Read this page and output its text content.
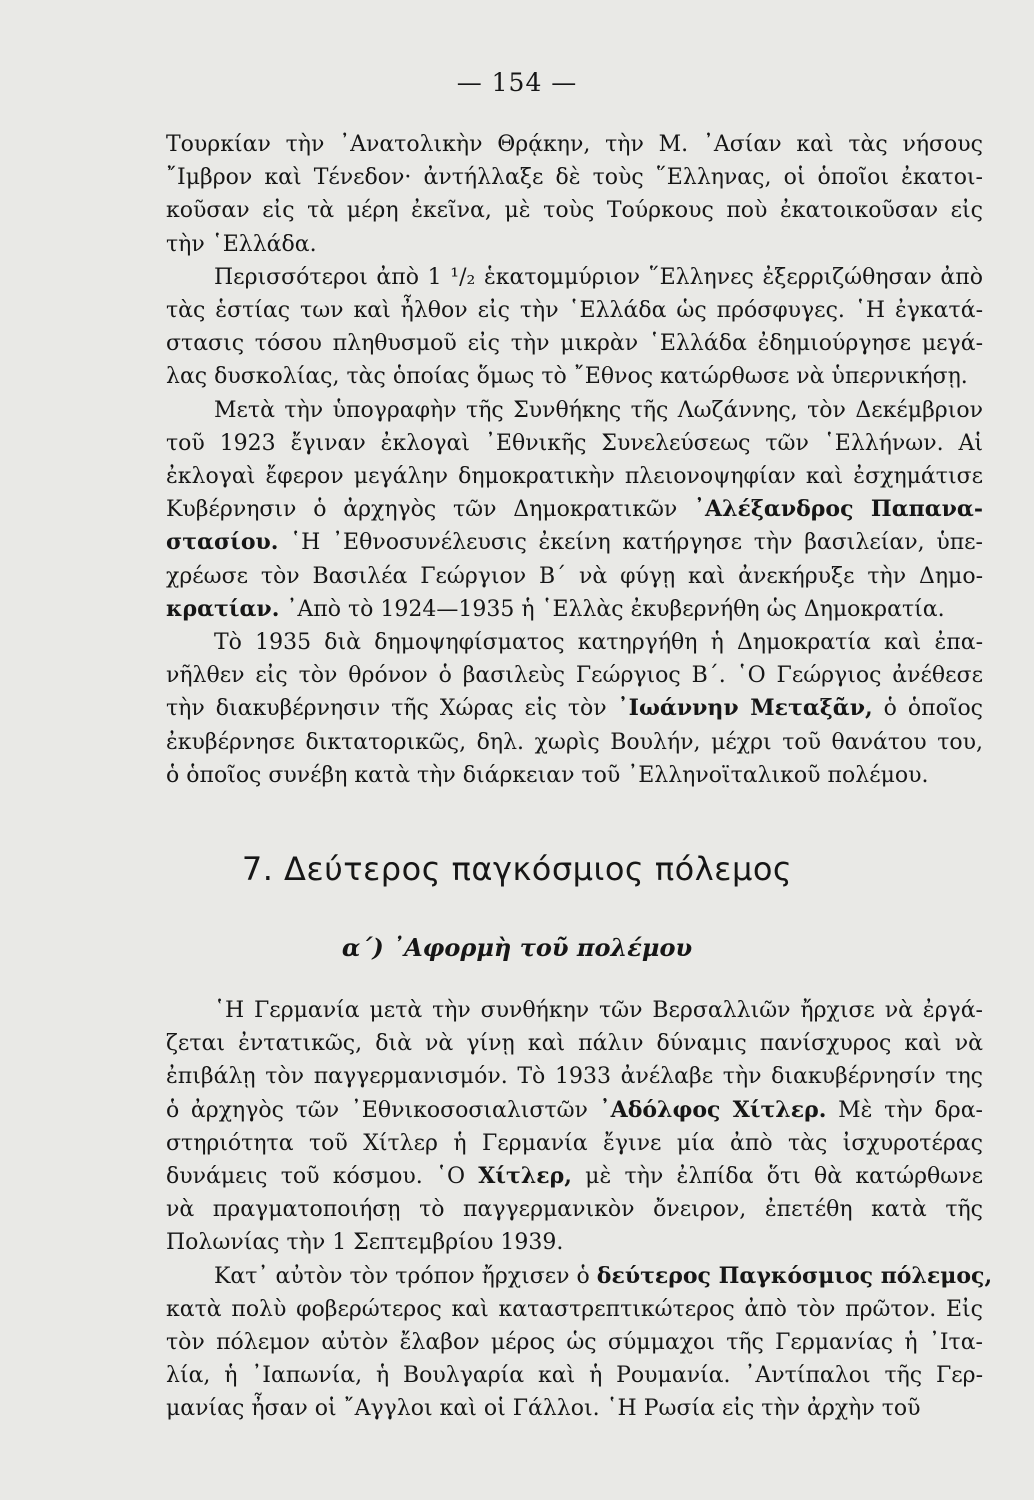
— 154 —

Τουρκίαν τὴν ᾿Ανατολικὴν Θρᾴκην, τὴν Μ. ᾿Ασίαν καὶ τὰς νήσους
῎Ιμβρον καὶ Τένεδον· ἀντήλλαξε δὲ τοὺς ῞Ελληνας, οἱ ὁποῖοι ἐκατοι-
κοῦσαν εἰς τὰ μέρη ἐκεῖνα, μὲ τοὺς Τούρκους ποὺ ἐκατοικοῦσαν εἰς
τὴν ῾Ελλάδα.

Περισσότεροι ἀπὸ 1 ¹/₂ ἑκατομμύριον ῞Ελληνες ἐξερριζώθησαν ἀπὸ
τὰς ἑστίας των καὶ ἦλθον εἰς τὴν ῾Ελλάδα ὡς πρόσφυγες. ῾Η ἐγκατά-
στασις τόσου πληθυσμοῦ εἰς τὴν μικρὰν ῾Ελλάδα ἐδημιούργησε μεγά-
λας δυσκολίας, τὰς ὁποίας ὅμως τὸ ῎Εθνος κατώρθωσε νὰ ὑπερνικήσῃ.

Μετὰ τὴν ὑπογραφὴν τῆς Συνθήκης τῆς Λωζάννης, τὸν Δεκέμβριον
τοῦ 1923 ἔγιναν ἐκλογαὶ ᾿Εθνικῆς Συνελεύσεως τῶν ῾Ελλήνων. Αἱ
ἐκλογαὶ ἔφερον μεγάλην δημοκρατικὴν πλειονοψηφίαν καὶ ἐσχημάτισε
Κυβέρνησιν ὁ ἀρχηγὸς τῶν Δημοκρατικῶν ᾿Αλέξανδρος Παπανα-
στασίου. ῾Η ᾿Εθνοσυνέλευσις ἐκείνη κατήργησε τὴν βασιλείαν, ὑπε-
χρέωσε τὸν Βασιλέα Γεώργιον Β΄ νὰ φύγῃ καὶ ἀνεκήρυξε τὴν Δημο-
κρατίαν. ᾿Απὸ τὸ 1924—1935 ἡ ῾Ελλὰς ἐκυβερνήθη ὡς Δημοκρατία.

Τὸ 1935 διὰ δημοψηφίσματος κατηργήθη ἡ Δημοκρατία καὶ ἐπα-
νῆλθεν εἰς τὸν θρόνον ὁ βασιλεὺς Γεώργιος Β΄. ῾Ο Γεώργιος ἀνέθεσε
τὴν διακυβέρνησιν τῆς Χώρας εἰς τὸν ᾿Ιωάννην Μεταξᾶν, ὁ ὁποῖος
ἐκυβέρνησε δικτατορικῶς, δηλ. χωρὶς Βουλήν, μέχρι τοῦ θανάτου του,
ὁ ὁποῖος συνέβη κατὰ τὴν διάρκειαν τοῦ ᾿Ελληνοϊταλικοῦ πολέμου.

7. Δεύτερος παγκόσμιος πόλεμος
α΄) ᾿Αφορμὴ τοῦ πολέμου

῾Η Γερμανία μετὰ τὴν συνθήκην τῶν Βερσαλλιῶν ἤρχισε νὰ ἐργά-
ζεται ἐντατικῶς, διὰ νὰ γίνῃ καὶ πάλιν δύναμις πανίσχυρος καὶ νὰ
ἐπιβάλῃ τὸν παγγερμανισμόν. Τὸ 1933 ἀνέλαβε τὴν διακυβέρνησίν της
ὁ ἀρχηγὸς τῶν ᾿Εθνικοσοσιαλιστῶν ᾿Αδόλφος Χίτλερ. Μὲ τὴν δρα-
στηριότητα τοῦ Χίτλερ ἡ Γερμανία ἔγινε μία ἀπὸ τὰς ἰσχυροτέρας
δυνάμεις τοῦ κόσμου. ῾Ο Χίτλερ, μὲ τὴν ἐλπίδα ὅτι θὰ κατώρθωνε
νὰ πραγματοποιήσῃ τὸ παγγερμανικὸν ὄνειρον, ἐπετέθη κατὰ τῆς
Πολωνίας τὴν 1 Σεπτεμβρίου 1939.

Κατ᾿ αὐτὸν τὸν τρόπον ἤρχισεν ὁ δεύτερος Παγκόσμιος πόλεμος,
κατὰ πολὺ φοβερώτερος καὶ καταστρεπτικώτερος ἀπὸ τὸν πρῶτον. Εἰς
τὸν πόλεμον αὐτὸν ἔλαβον μέρος ὡς σύμμαχοι τῆς Γερμανίας ἡ ᾿Ιτα-
λία, ἡ ᾿Ιαπωνία, ἡ Βουλγαρία καὶ ἡ Ρουμανία. ᾿Αντίπαλοι τῆς Γερ-
μανίας ἦσαν οἱ ῎Αγγλοι καὶ οἱ Γάλλοι. ῾Η Ρωσία εἰς τὴν ἀρχὴν τοῦ
